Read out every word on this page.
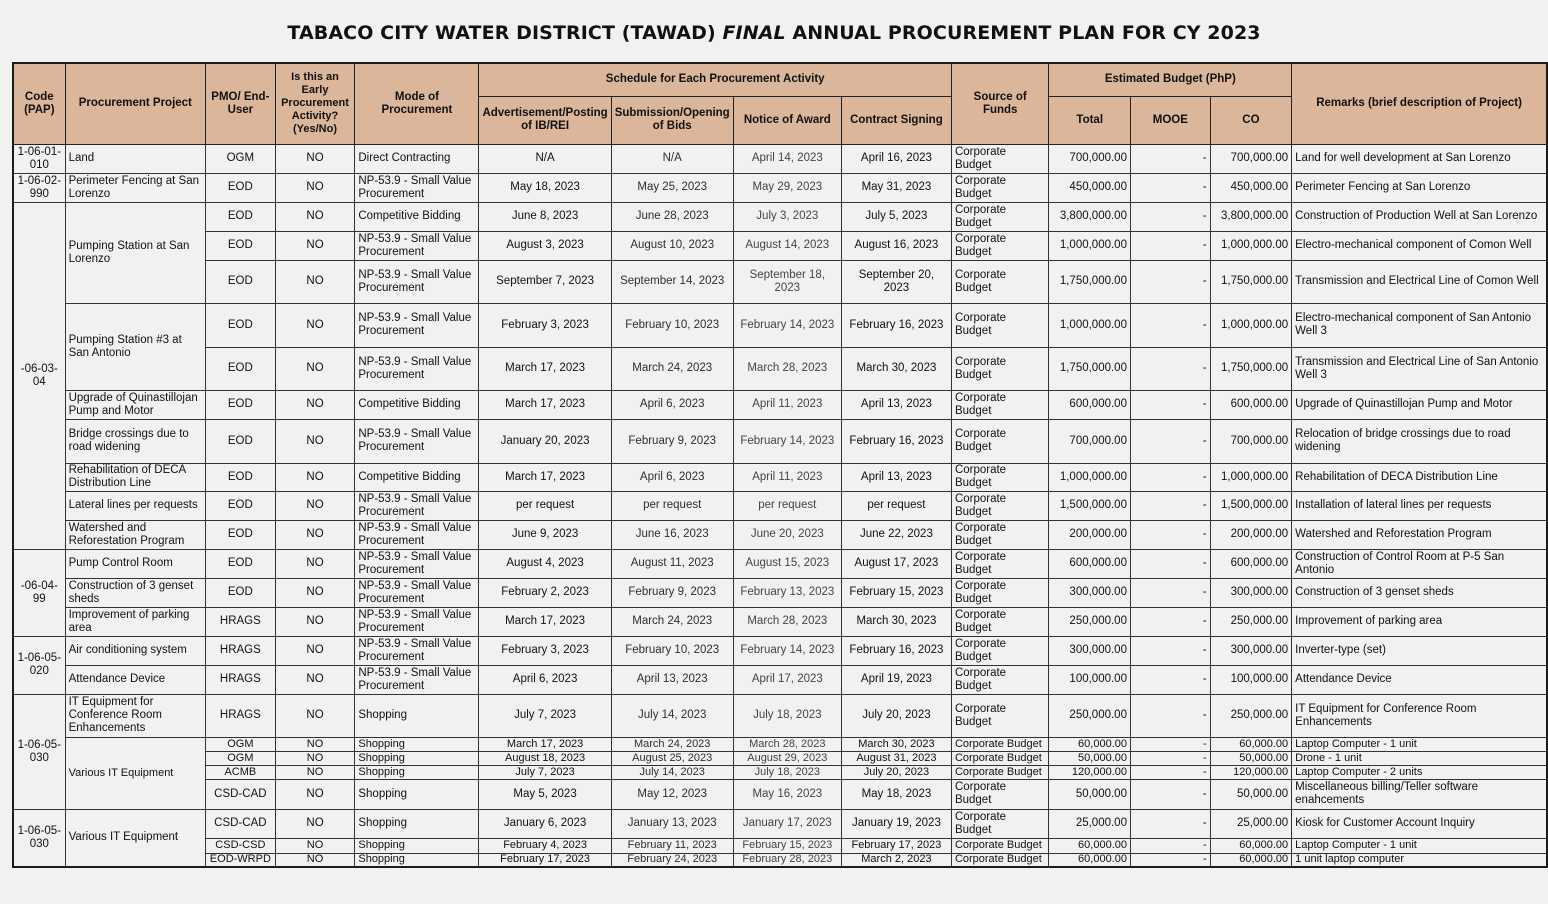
TABACO CITY WATER DISTRICT (TAWAD) FINAL ANNUAL PROCUREMENT PLAN FOR CY 2023
Code (PAP)	Procurement Project	PMO/ End-User	Is this an Early Procurement Activity? (Yes/No)	Mode of Procurement	Schedule for Each Procurement Activity				Source of Funds	Estimated Budget (PhP)			Remarks (brief description of Project)
					Advertisement/Posting of IB/REI	Submission/Opening of Bids	Notice of Award	Contract Signing		Total	MOOE	CO	
1-06-01-010	Land	OGM	NO	Direct Contracting	N/A	N/A	April 14, 2023	April 16, 2023	Corporate Budget	700,000.00	-	700,000.00	Land for well development at San Lorenzo
1-06-02-990	Perimeter Fencing at San Lorenzo	EOD	NO	NP-53.9 - Small Value Procurement	May 18, 2023	May 25, 2023	May 29, 2023	May 31, 2023	Corporate Budget	450,000.00	-	450,000.00	Perimeter Fencing at San Lorenzo
-06-03-04	Pumping Station at San Lorenzo	EOD	NO	Competitive Bidding	June 8, 2023	June 28, 2023	July 3, 2023	July 5, 2023	Corporate Budget	3,800,000.00	-	3,800,000.00	Construction of Production Well at San Lorenzo
		EOD	NO	NP-53.9 - Small Value Procurement	August 3, 2023	August 10, 2023	August 14, 2023	August 16, 2023	Corporate Budget	1,000,000.00	-	1,000,000.00	Electro-mechanical component of Comon Well
		EOD	NO	NP-53.9 - Small Value Procurement	September 7, 2023	September 14, 2023	September 18, 2023	September 20, 2023	Corporate Budget	1,750,000.00	-	1,750,000.00	Transmission and Electrical Line of Comon Well
	Pumping Station #3 at San Antonio	EOD	NO	NP-53.9 - Small Value Procurement	February 3, 2023	February 10, 2023	February 14, 2023	February 16, 2023	Corporate Budget	1,000,000.00	-	1,000,000.00	Electro-mechanical component of San Antonio Well 3
		EOD	NO	NP-53.9 - Small Value Procurement	March 17, 2023	March 24, 2023	March 28, 2023	March 30, 2023	Corporate Budget	1,750,000.00	-	1,750,000.00	Transmission and Electrical Line of San Antonio Well 3
	Upgrade of Quinastillojan Pump and Motor	EOD	NO	Competitive Bidding	March 17, 2023	April 6, 2023	April 11, 2023	April 13, 2023	Corporate Budget	600,000.00	-	600,000.00	Upgrade of Quinastillojan Pump and Motor
	Bridge crossings due to road widening	EOD	NO	NP-53.9 - Small Value Procurement	January 20, 2023	February 9, 2023	February 14, 2023	February 16, 2023	Corporate Budget	700,000.00	-	700,000.00	Relocation of bridge crossings due to road widening
	Rehabilitation of DECA Distribution Line	EOD	NO	Competitive Bidding	March 17, 2023	April 6, 2023	April 11, 2023	April 13, 2023	Corporate Budget	1,000,000.00	-	1,000,000.00	Rehabilitation of DECA Distribution Line
	Lateral lines per requests	EOD	NO	NP-53.9 - Small Value Procurement	per request	per request	per request	per request	Corporate Budget	1,500,000.00	-	1,500,000.00	Installation of lateral lines per requests
	Watershed and Reforestation Program	EOD	NO	NP-53.9 - Small Value Procurement	June 9, 2023	June 16, 2023	June 20, 2023	June 22, 2023	Corporate Budget	200,000.00	-	200,000.00	Watershed and Reforestation Program
-06-04-99	Pump Control Room	EOD	NO	NP-53.9 - Small Value Procurement	August 4, 2023	August 11, 2023	August 15, 2023	August 17, 2023	Corporate Budget	600,000.00	-	600,000.00	Construction of Control Room at P-5 San Antonio
	Construction of 3 genset sheds	EOD	NO	NP-53.9 - Small Value Procurement	February 2, 2023	February 9, 2023	February 13, 2023	February 15, 2023	Corporate Budget	300,000.00	-	300,000.00	Construction of 3 genset sheds
	Improvement of parking area	HRAGS	NO	NP-53.9 - Small Value Procurement	March 17, 2023	March 24, 2023	March 28, 2023	March 30, 2023	Corporate Budget	250,000.00	-	250,000.00	Improvement of parking area
1-06-05-020	Air conditioning system	HRAGS	NO	NP-53.9 - Small Value Procurement	February 3, 2023	February 10, 2023	February 14, 2023	February 16, 2023	Corporate Budget	300,000.00	-	300,000.00	Inverter-type (set)
	Attendance Device	HRAGS	NO	NP-53.9 - Small Value Procurement	April 6, 2023	April 13, 2023	April 17, 2023	April 19, 2023	Corporate Budget	100,000.00	-	100,000.00	Attendance Device
1-06-05-030	IT Equipment for Conference Room Enhancements	HRAGS	NO	Shopping	July 7, 2023	July 14, 2023	July 18, 2023	July 20, 2023	Corporate Budget	250,000.00	-	250,000.00	IT Equipment for Conference Room Enhancements
	Various IT Equipment	OGM	NO	Shopping	March 17, 2023	March 24, 2023	March 28, 2023	March 30, 2023	Corporate Budget	60,000.00	-	60,000.00	Laptop Computer - 1 unit
		OGM	NO	Shopping	August 18, 2023	August 25, 2023	August 29, 2023	August 31, 2023	Corporate Budget	50,000.00	-	50,000.00	Drone - 1 unit
		ACMB	NO	Shopping	July 7, 2023	July 14, 2023	July 18, 2023	July 20, 2023	Corporate Budget	120,000.00	-	120,000.00	Laptop Computer - 2 units
		CSD-CAD	NO	Shopping	May 5, 2023	May 12, 2023	May 16, 2023	May 18, 2023	Corporate Budget	50,000.00	-	50,000.00	Miscellaneous billing/Teller software enahcements
1-06-05-030	Various IT Equipment	CSD-CAD	NO	Shopping	January 6, 2023	January 13, 2023	January 17, 2023	January 19, 2023	Corporate Budget	25,000.00	-	25,000.00	Kiosk for Customer Account Inquiry
		CSD-CSD	NO	Shopping	February 4, 2023	February 11, 2023	February 15, 2023	February 17, 2023	Corporate Budget	60,000.00	-	60,000.00	Laptop Computer - 1 unit
		EOD-WRPD	NO	Shopping	February 17, 2023	February 24, 2023	February 28, 2023	March 2, 2023	Corporate Budget	60,000.00	-	60,000.00	1 unit laptop computer
